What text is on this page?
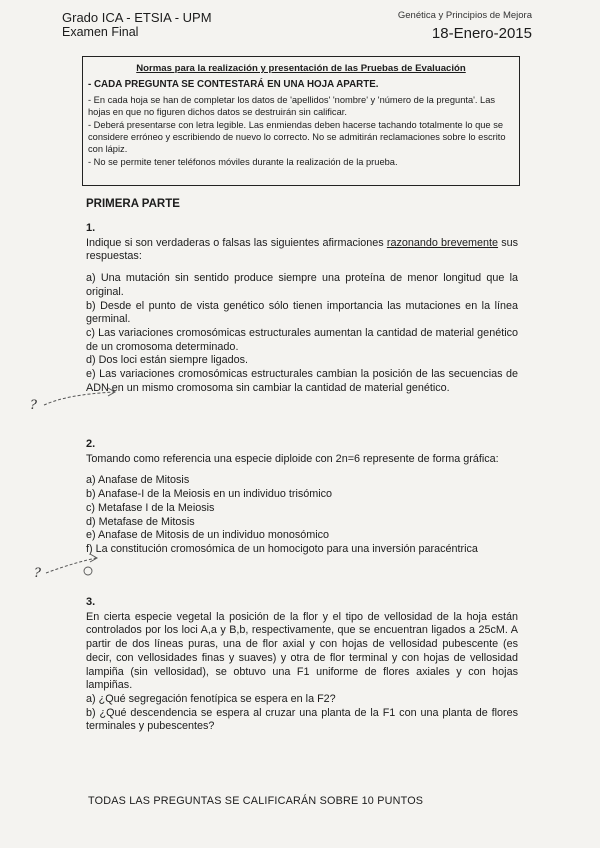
Grado ICA - ETSIA - UPM
Examen Final
Genética y Principios de Mejora
18-Enero-2015
Normas para la realización y presentación de las Pruebas de Evaluación
- CADA PREGUNTA SE CONTESTARÁ EN UNA HOJA APARTE.
- En cada hoja se han de completar los datos de 'apellidos' 'nombre' y 'número de la pregunta'. Las hojas en que no figuren dichos datos se destruirán sin calificar.
- Deberá presentarse con letra legible. Las enmiendas deben hacerse tachando totalmente lo que se considere erróneo y escribiendo de nuevo lo correcto. No se admitirán reclamaciones sobre lo escrito con lápiz.
- No se permite tener teléfonos móviles durante la realización de la prueba.
PRIMERA PARTE
1.

Indique si son verdaderas o falsas las siguientes afirmaciones razonando brevemente sus respuestas:

a) Una mutación sin sentido produce siempre una proteína de menor longitud que la original.

b) Desde el punto de vista genético sólo tienen importancia las mutaciones en la línea germinal.

c) Las variaciones cromosómicas estructurales aumentan la cantidad de material genético de un cromosoma determinado.

d) Dos loci están siempre ligados.

e) Las variaciones cromosómicas estructurales cambian la posición de las secuencias de ADN en un mismo cromosoma sin cambiar la cantidad de material genético.

2.

Tomando como referencia una especie diploide con 2n=6 represente de forma gráfica:

a) Anafase de Mitosis

b) Anafase-I de la Meiosis en un individuo trisómico

c) Metafase I de la Meiosis

d) Metafase de Mitosis

e) Anafase de Mitosis de un individuo monosómico

f) La constitución cromosómica de un homocigoto para una inversión paracéntrica

3.

En cierta especie vegetal la posición de la flor y el tipo de vellosidad de la hoja están controlados por los loci A,a y B,b, respectivamente, que se encuentran ligados a 25cM. A partir de dos líneas puras, una de flor axial y con hojas de vellosidad pubescente (es decir, con vellosidades finas y suaves) y otra de flor terminal y con hojas de vellosidad lampiña (sin vellosidad), se obtuvo una F1 uniforme de flores axiales y con hojas lampiñas.

a) ¿Qué segregación fenotípica se espera en la F2?

b) ¿Qué descendencia se espera al cruzar una planta de la F1 con una planta de flores terminales y pubescentes?

TODAS LAS PREGUNTAS SE CALIFICARÁN SOBRE 10 PUNTOS
?
?
